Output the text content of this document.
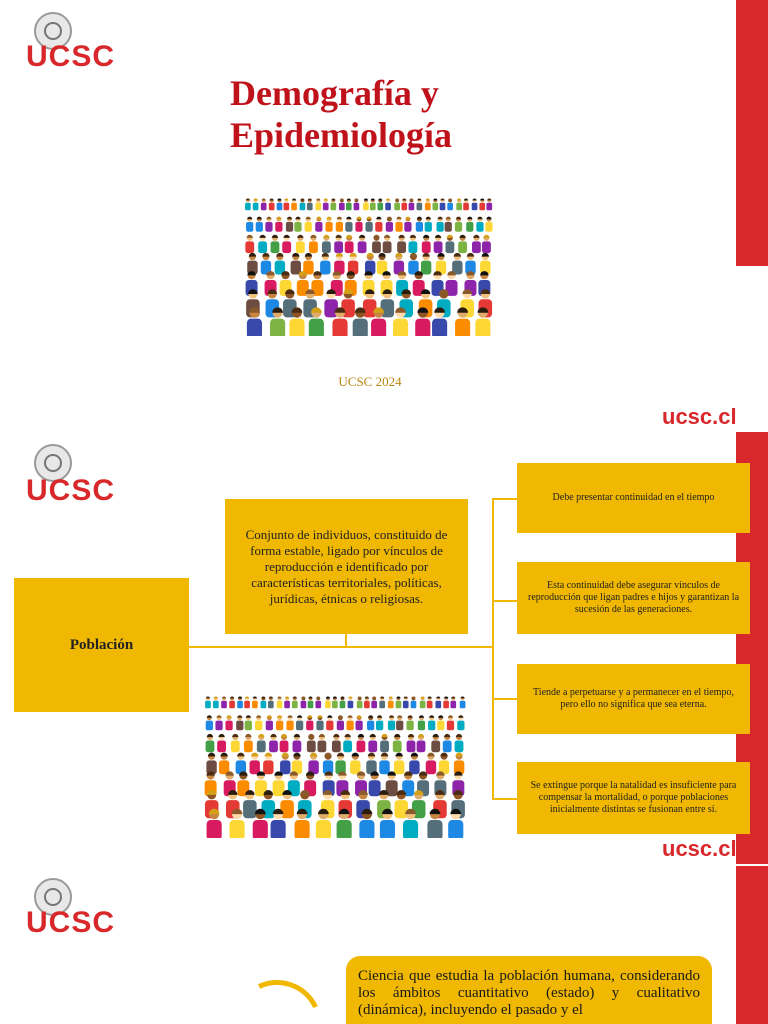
UCSC
Demografía y Epidemiología
UCSC 2024
ucsc.cl
UCSC
Población
Conjunto de individuos, constituido de forma estable, ligado por vínculos de reproducción e identificado por características territoriales, políticas, jurídicas, étnicas o religiosas.
Debe presentar continuidad en el tiempo
Esta continuidad debe asegurar vínculos de reproducción que ligan padres e hijos y garantizan la sucesión de las generaciones.
Tiende a perpetuarse y a permanecer en el tiempo, pero ello no significa que sea eterna.
Se extingue porque la natalidad es insuficiente para compensar la mortalidad, o porque poblaciones inicialmente distintas se fusionan entre sí.
ucsc.cl
UCSC
Ciencia que estudia la población humana, considerando los ámbitos cuantitativo (estado) y cualitativo (dinámica), incluyendo el pasado y el
